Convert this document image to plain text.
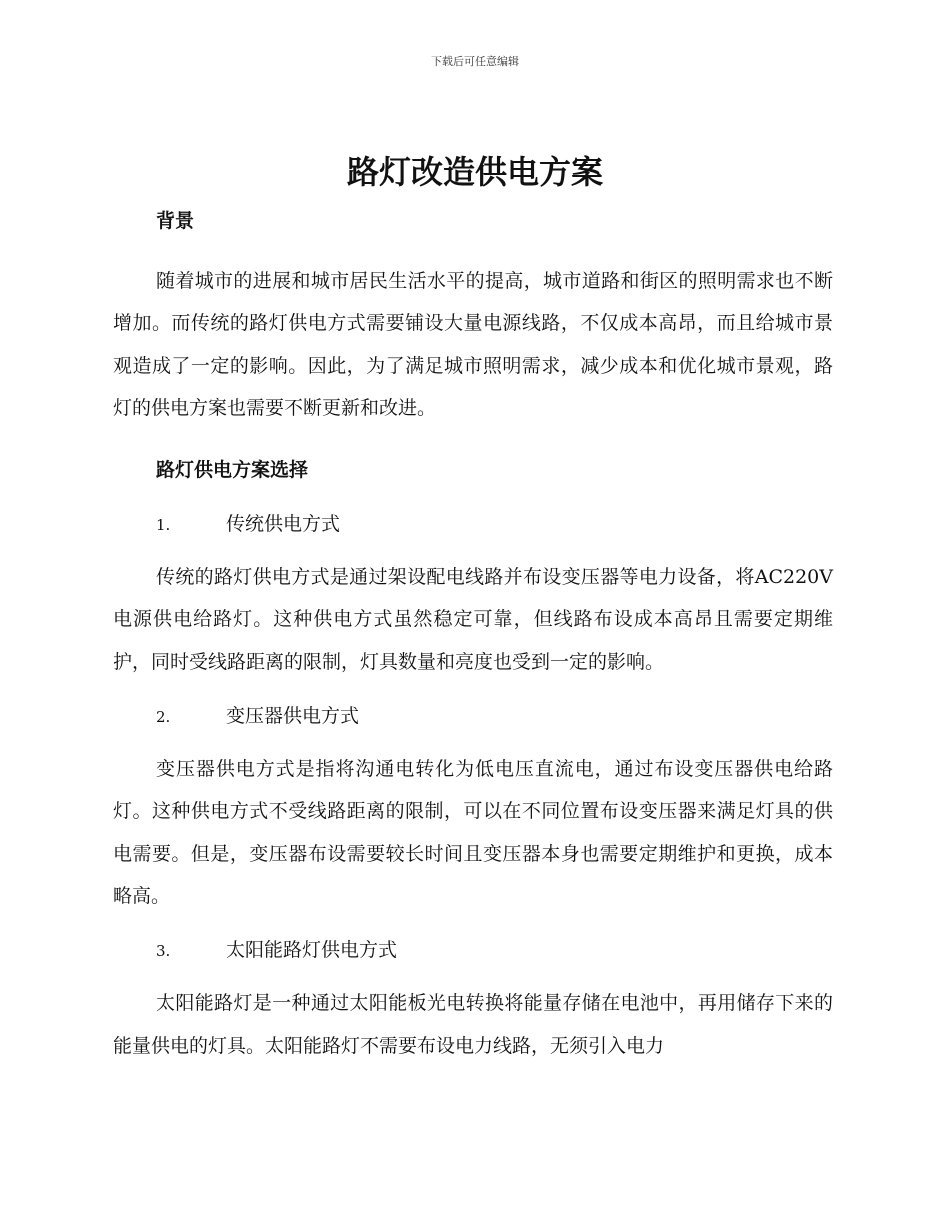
下载后可任意编辑
路灯改造供电方案
背景

随着城市的进展和城市居民生活水平的提高，城市道路和街区的照明需求也不断增加。而传统的路灯供电方式需要铺设大量电源线路，不仅成本高昂，而且给城市景观造成了一定的影响。因此，为了满足城市照明需求，减少成本和优化城市景观，路灯的供电方案也需要不断更新和改进。

路灯供电方案选择
1.	传统供电方式

传统的路灯供电方式是通过架设配电线路并布设变压器等电力设备，将AC220V电源供电给路灯。这种供电方式虽然稳定可靠，但线路布设成本高昂且需要定期维护，同时受线路距离的限制，灯具数量和亮度也受到一定的影响。

2.	变压器供电方式

变压器供电方式是指将沟通电转化为低电压直流电，通过布设变压器供电给路灯。这种供电方式不受线路距离的限制，可以在不同位置布设变压器来满足灯具的供电需要。但是，变压器布设需要较长时间且变压器本身也需要定期维护和更换，成本略高。

3.	太阳能路灯供电方式

太阳能路灯是一种通过太阳能板光电转换将能量存储在电池中，再用储存下来的能量供电的灯具。太阳能路灯不需要布设电力线路，无须引入电力
